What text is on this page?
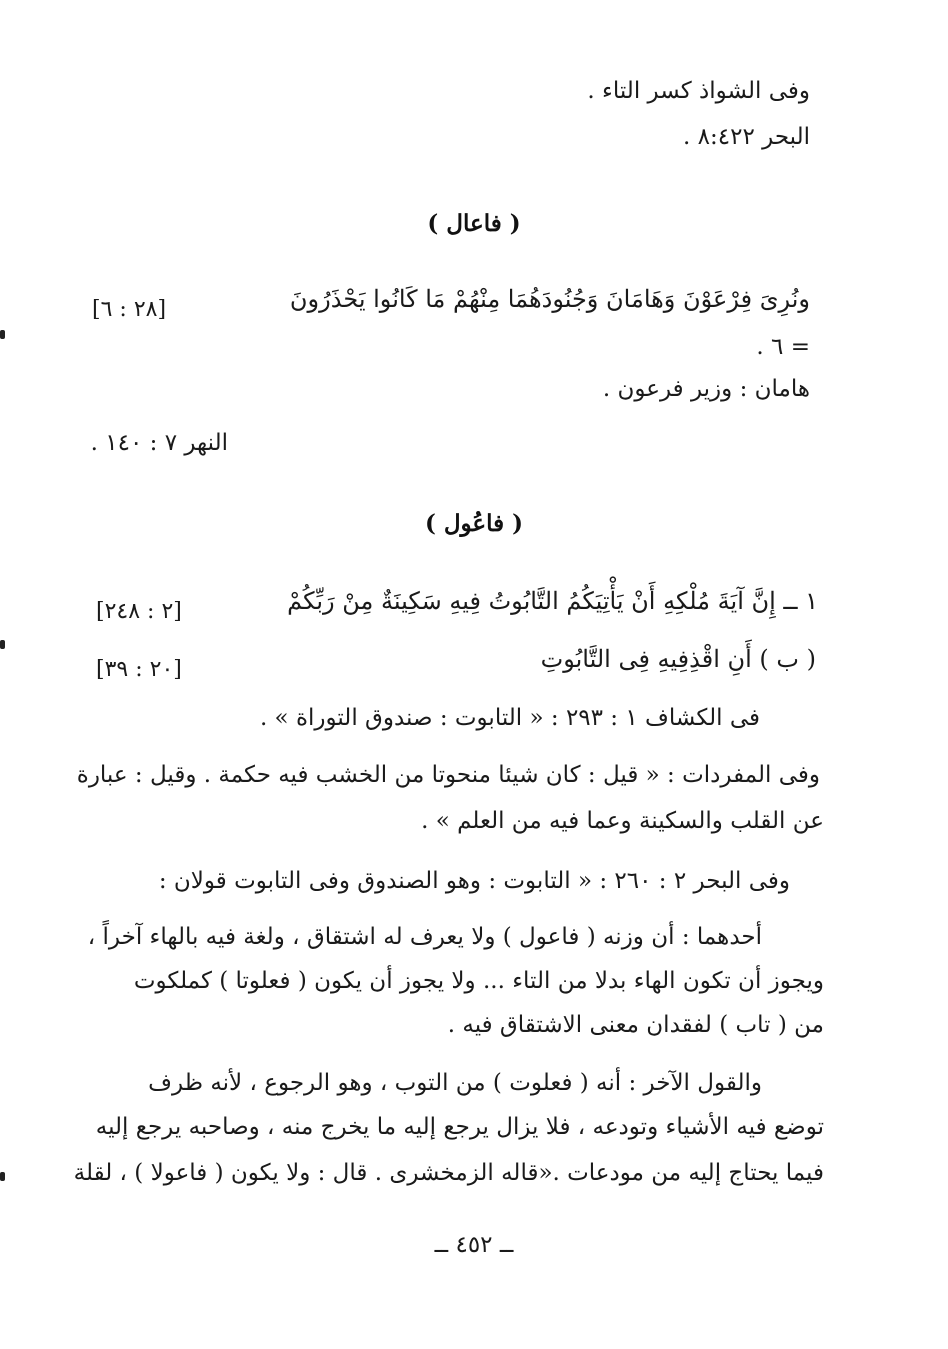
وفى الشواذ كسر التاء .
البحر ٨:٤٢٢ .
( فاعال )
ونُرِىَ فِرْعَوْنَ وَهَامَانَ وَجُنُودَهُمَا مِنْهُمْ مَا كَانُوا يَحْذَرُونَ
[٢٨ : ٦]
= ٦ .
هامان : وزير فرعون .
النهر ٧ : ١٤٠ .
( فاعُول )
١ ــ إِنَّ آيَةَ مُلْكِهِ أَنْ يَأْتِيَكُمُ التَّابُوتُ فِيهِ سَكِينَةٌ مِنْ رَبِّكُمْ
[٢ : ٢٤٨]
( ب ) أَنِ اقْذِفِيهِ فِى التَّابُوتِ
[٢٠ : ٣٩]
فى الكشاف ١ : ٢٩٣ : « التابوت : صندوق التوراة » .
وفى المفردات : « قيل : كان شيئا منحوتا من الخشب فيه حكمة . وقيل : عبارة
عن القلب والسكينة وعما فيه من العلم » .
وفى البحر ٢ : ٢٦٠ : « التابوت : وهو الصندوق وفى التابوت قولان :
أحدهما : أن وزنه ( فاعول ) ولا يعرف له اشتقاق ، ولغة فيه بالهاء آخراً ،
ويجوز أن تكون الهاء بدلا من التاء ... ولا يجوز أن يكون ( فعلوتا ) كملكوت
من ( تاب ) لفقدان معنى الاشتقاق فيه .
والقول الآخر : أنه ( فعلوت ) من التوب ، وهو الرجوع ، لأنه ظرف
توضع فيه الأشياء وتودعه ، فلا يزال يرجع إليه ما يخرج منه ، وصاحبه يرجع إليه
فيما يحتاج إليه من مودعات .«قاله الزمخشرى . قال : ولا يكون ( فاعولا ) ، لقلة
ــ ٤٥٢ ــ
